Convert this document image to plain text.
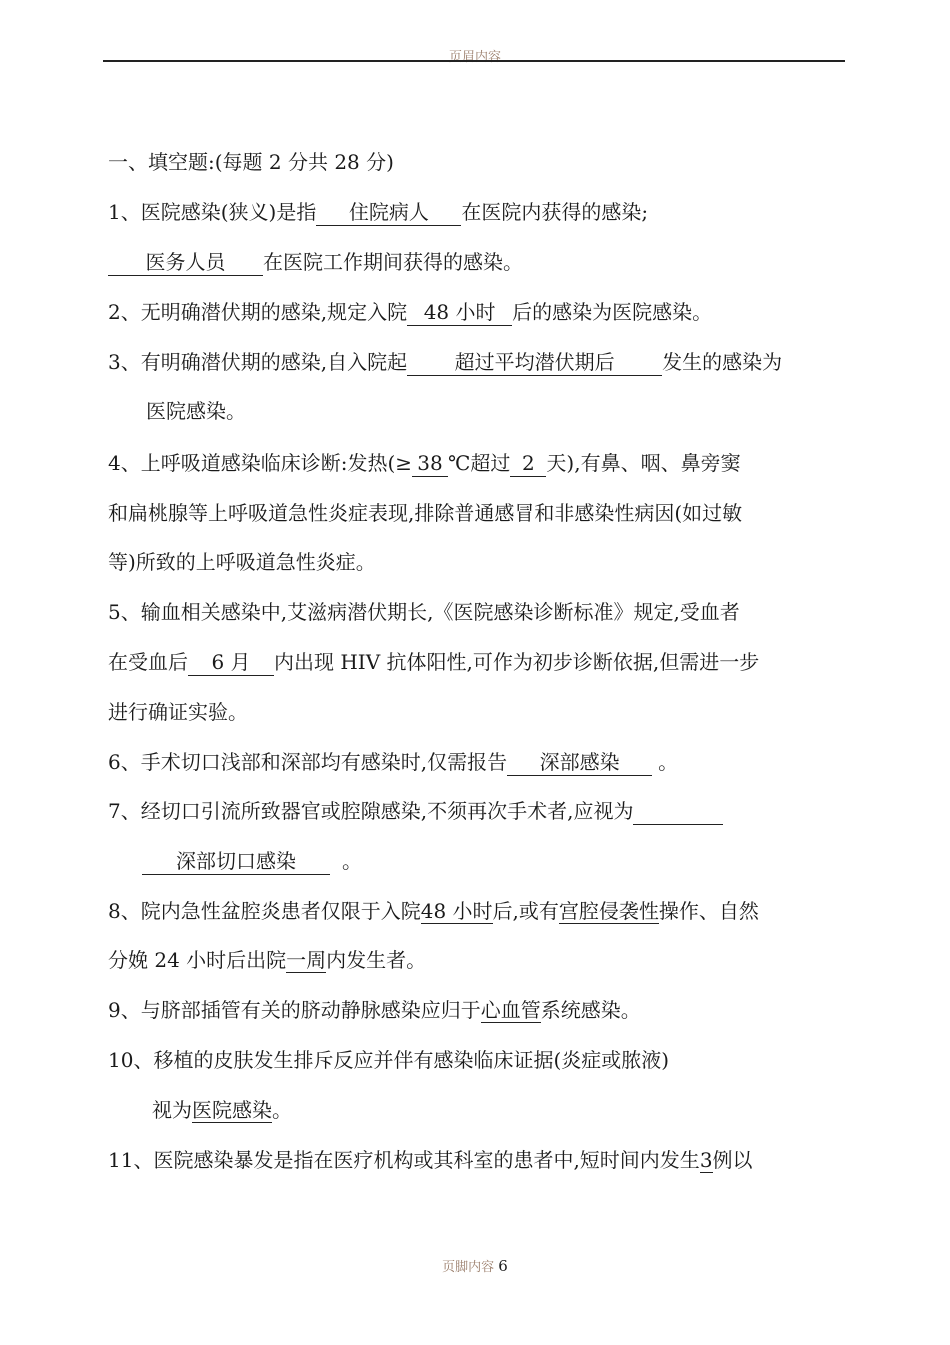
页眉内容
一、填空题:(每题 2 分共 28 分)
1、医院感染(狭义)是指 住院病人 在医院内获得的感染;
医务人员 在医院工作期间获得的感染。
2、无明确潜伏期的感染,规定入院 48 小时 后的感染为医院感染。
3、有明确潜伏期的感染,自入院起 超过平均潜伏期后 发生的感染为
医院感染。
4、上呼吸道感染临床诊断:发热(≥ 38 ℃超过 2 天),有鼻、咽、鼻旁窦
和扁桃腺等上呼吸道急性炎症表现,排除普通感冒和非感染性病因(如过敏
等)所致的上呼吸道急性炎症。
5、输血相关感染中,艾滋病潜伏期长,《医院感染诊断标准》规定,受血者
在受血后 6 月 内出现 HIV 抗体阳性,可作为初步诊断依据,但需进一步
进行确证实验。
6、手术切口浅部和深部均有感染时,仅需报告 深部感染 。
7、经切口引流所致器官或腔隙感染,不须再次手术者,应视为
深部切口感染 。
8、院内急性盆腔炎患者仅限于入院48 小时后,或有宫腔侵袭性操作、自然
分娩 24 小时后出院一周内发生者。
9、与脐部插管有关的脐动静脉感染应归于心血管系统感染。
10、移植的皮肤发生排斥反应并伴有感染临床证据(炎症或脓液)
视为医院感染。
11、医院感染暴发是指在医疗机构或其科室的患者中,短时间内发生3例以
页脚内容 6
